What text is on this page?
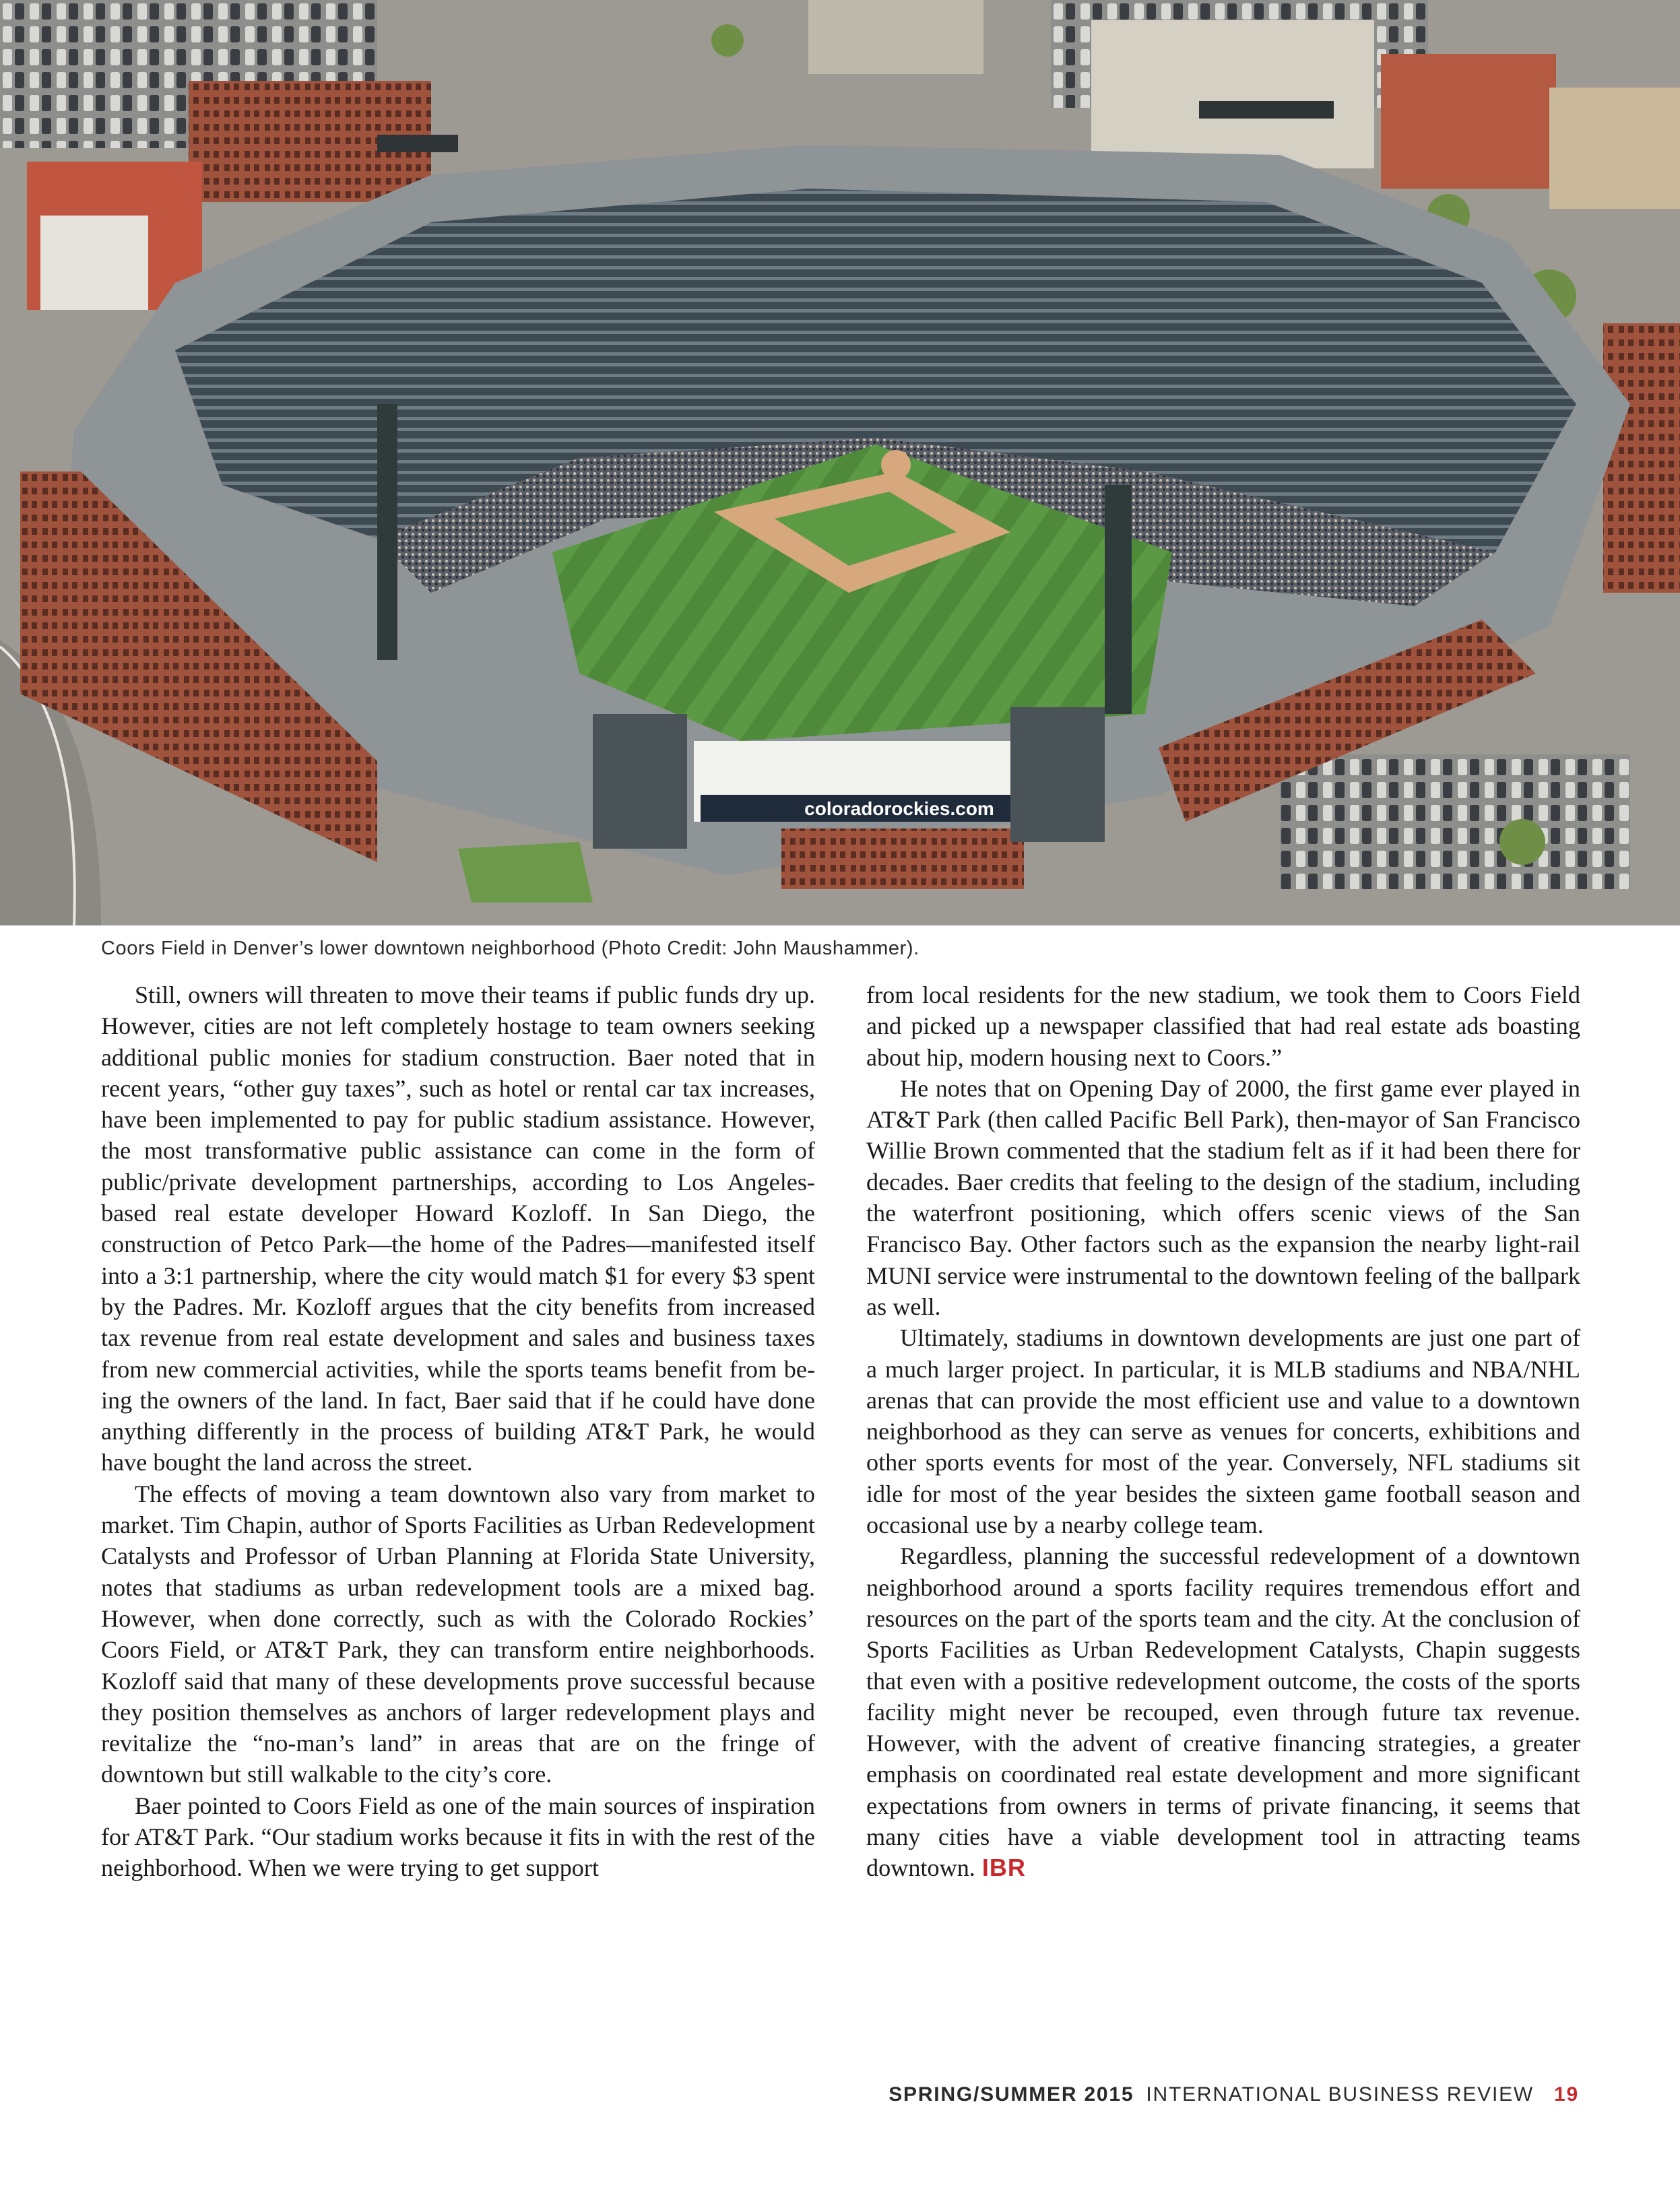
coloradorockies.com
Coors Field in Denver’s lower downtown neighborhood (Photo Credit: John Maushammer).

Still, owners will threaten to move their teams if public funds dry up. However, cities are not left completely hostage to team owners seeking additional public monies for stadium construction. Baer noted that in recent years, “other guy taxes”, such as hotel or rental car tax increases, have been implemented to pay for public stadium assistance. However, the most transformative public assistance can come in the form of public/private development partnerships, according to Los Angeles-based real estate developer Howard Kozloff. In San Diego, the construction of Petco Park—the home of the Padres—manifested itself into a 3:1 partnership, where the city would match $1 for every $3 spent by the Padres. Mr. Kozloff argues that the city benefits from increased tax revenue from real estate development and sales and business taxes from new commercial activities, while the sports teams benefit from being the owners of the land. In fact, Baer said that if he could have done anything differently in the process of building AT&T Park, he would have bought the land across the street.

The effects of moving a team downtown also vary from market to market. Tim Chapin, author of Sports Facilities as Urban Redevelopment Catalysts and Professor of Urban Planning at Florida State University, notes that stadiums as urban redevelopment tools are a mixed bag. However, when done correctly, such as with the Colorado Rockies’ Coors Field, or AT&T Park, they can transform entire neighborhoods. Kozloff said that many of these developments prove successful because they position themselves as anchors of larger redevelopment plays and revitalize the “no-man’s land” in areas that are on the fringe of downtown but still walkable to the city’s core.

Baer pointed to Coors Field as one of the main sources of inspiration for AT&T Park. “Our stadium works because it fits in with the rest of the neighborhood. When we were trying to get support

from local residents for the new stadium, we took them to Coors Field and picked up a newspaper classified that had real estate ads boasting about hip, modern housing next to Coors.”

He notes that on Opening Day of 2000, the first game ever played in AT&T Park (then called Pacific Bell Park), then-mayor of San Francisco Willie Brown commented that the stadium felt as if it had been there for decades. Baer credits that feeling to the design of the stadium, including the waterfront positioning, which offers scenic views of the San Francisco Bay. Other factors such as the expansion the nearby light-rail MUNI service were instrumental to the downtown feeling of the ballpark as well.

Ultimately, stadiums in downtown developments are just one part of a much larger project. In particular, it is MLB stadiums and NBA/NHL arenas that can provide the most efficient use and value to a downtown neighborhood as they can serve as venues for concerts, exhibitions and other sports events for most of the year. Conversely, NFL stadiums sit idle for most of the year besides the sixteen game football season and occasional use by a nearby college team.

Regardless, planning the successful redevelopment of a downtown neighborhood around a sports facility requires tremendous effort and resources on the part of the sports team and the city. At the conclusion of Sports Facilities as Urban Redevelopment Catalysts, Chapin suggests that even with a positive redevelopment outcome, the costs of the sports facility might never be recouped, even through future tax revenue. However, with the advent of creative financing strategies, a greater emphasis on coordinated real estate development and more significant expectations from owners in terms of private financing, it seems that many cities have a viable development tool in attracting teams downtown. IBR

SPRING/SUMMER 2015 INTERNATIONAL BUSINESS REVIEW 19
